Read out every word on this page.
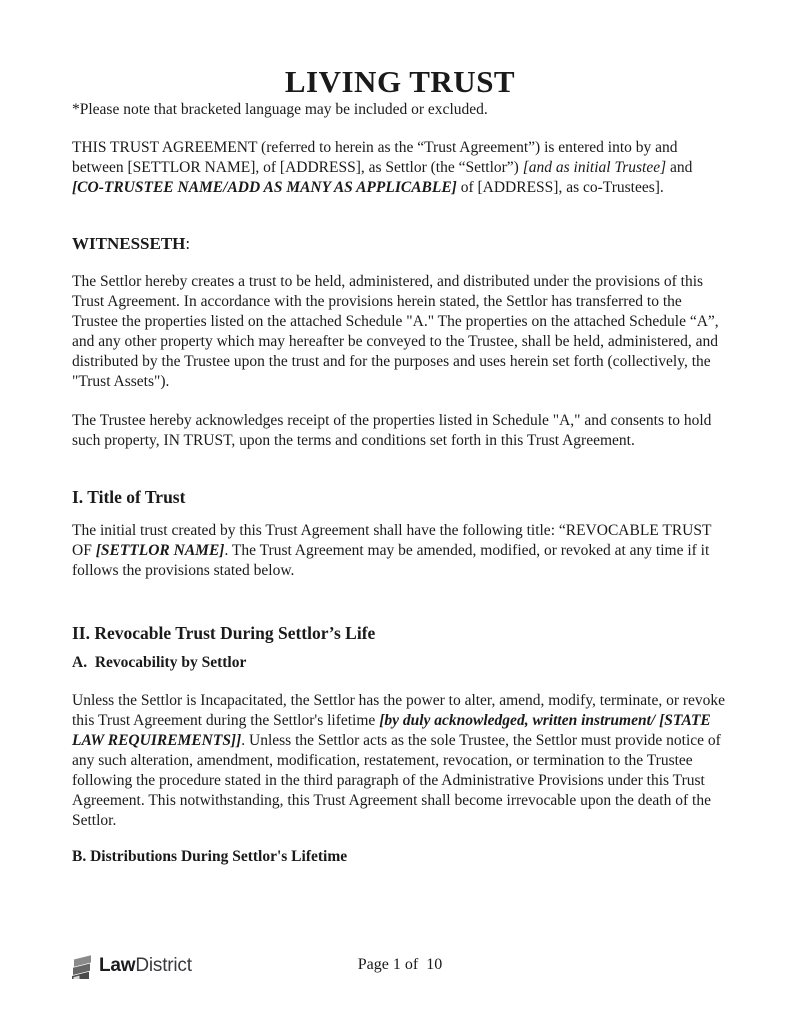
LIVING TRUST

*Please note that bracketed language may be included or excluded.

THIS TRUST AGREEMENT (referred to herein as the “Trust Agreement”) is entered into by and between [SETTLOR NAME], of [ADDRESS], as Settlor (the “Settlor”) [and as initial Trustee] and [CO-TRUSTEE NAME/ADD AS MANY AS APPLICABLE] of [ADDRESS], as co-Trustees].

WITNESSETH:

The Settlor hereby creates a trust to be held, administered, and distributed under the provisions of this Trust Agreement. In accordance with the provisions herein stated, the Settlor has transferred to the Trustee the properties listed on the attached Schedule "A." The properties on the attached Schedule “A”, and any other property which may hereafter be conveyed to the Trustee, shall be held, administered, and distributed by the Trustee upon the trust and for the purposes and uses herein set forth (collectively, the "Trust Assets").

The Trustee hereby acknowledges receipt of the properties listed in Schedule "A," and consents to hold such property, IN TRUST, upon the terms and conditions set forth in this Trust Agreement.

I. Title of Trust

The initial trust created by this Trust Agreement shall have the following title: “REVOCABLE TRUST OF [SETTLOR NAME]. The Trust Agreement may be amended, modified, or revoked at any time if it follows the provisions stated below.

II. Revocable Trust During Settlor’s Life
A.  Revocability by Settlor

Unless the Settlor is Incapacitated, the Settlor has the power to alter, amend, modify, terminate, or revoke this Trust Agreement during the Settlor's lifetime [by duly acknowledged, written instrument/ [STATE LAW REQUIREMENTS]]. Unless the Settlor acts as the sole Trustee, the Settlor must provide notice of any such alteration, amendment, modification, restatement, revocation, or termination to the Trustee following the procedure stated in the third paragraph of the Administrative Provisions under this Trust Agreement. This notwithstanding, this Trust Agreement shall become irrevocable upon the death of the Settlor.

B. Distributions During Settlor's Lifetime
LawDistrict	Page 1 of  10
